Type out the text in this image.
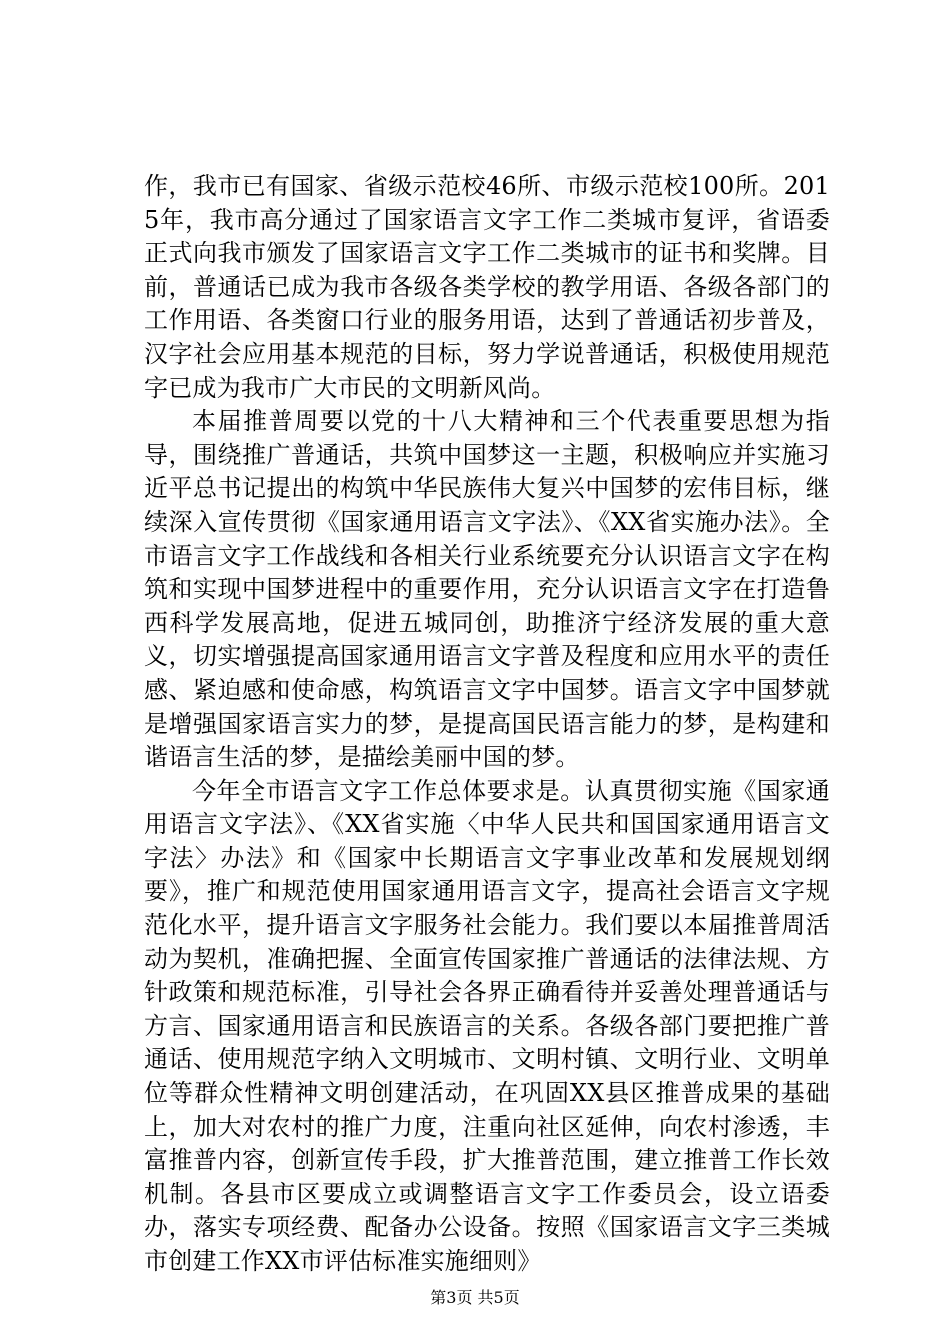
作，我市已有国家、省级示范校46所、市级示范校100所。2015年，我市高分通过了国家语言文字工作二类城市复评，省语委正式向我市颁发了国家语言文字工作二类城市的证书和奖牌。目前，普通话已成为我市各级各类学校的教学用语、各级各部门的工作用语、各类窗口行业的服务用语，达到了普通话初步普及，汉字社会应用基本规范的目标，努力学说普通话，积极使用规范字已成为我市广大市民的文明新风尚。

本届推普周要以党的十八大精神和三个代表重要思想为指导，围绕推广普通话，共筑中国梦这一主题，积极响应并实施习近平总书记提出的构筑中华民族伟大复兴中国梦的宏伟目标，继续深入宣传贯彻《国家通用语言文字法》、《XX省实施办法》。全市语言文字工作战线和各相关行业系统要充分认识语言文字在构筑和实现中国梦进程中的重要作用，充分认识语言文字在打造鲁西科学发展高地，促进五城同创，助推济宁经济发展的重大意义，切实增强提高国家通用语言文字普及程度和应用水平的责任感、紧迫感和使命感，构筑语言文字中国梦。语言文字中国梦就是增强国家语言实力的梦，是提高国民语言能力的梦，是构建和谐语言生活的梦，是描绘美丽中国的梦。

今年全市语言文字工作总体要求是。认真贯彻实施《国家通用语言文字法》、《XX省实施〈中华人民共和国国家通用语言文字法〉办法》和《国家中长期语言文字事业改革和发展规划纲要》，推广和规范使用国家通用语言文字，提高社会语言文字规范化水平，提升语言文字服务社会能力。我们要以本届推普周活动为契机，准确把握、全面宣传国家推广普通话的法律法规、方针政策和规范标准，引导社会各界正确看待并妥善处理普通话与方言、国家通用语言和民族语言的关系。各级各部门要把推广普通话、使用规范字纳入文明城市、文明村镇、文明行业、文明单位等群众性精神文明创建活动，在巩固XX县区推普成果的基础上，加大对农村的推广力度，注重向社区延伸，向农村渗透，丰富推普内容，创新宣传手段，扩大推普范围，建立推普工作长效机制。各县市区要成立或调整语言文字工作委员会，设立语委办，落实专项经费、配备办公设备。按照《国家语言文字三类城市创建工作XX市评估标准实施细则》

第3页 共5页
